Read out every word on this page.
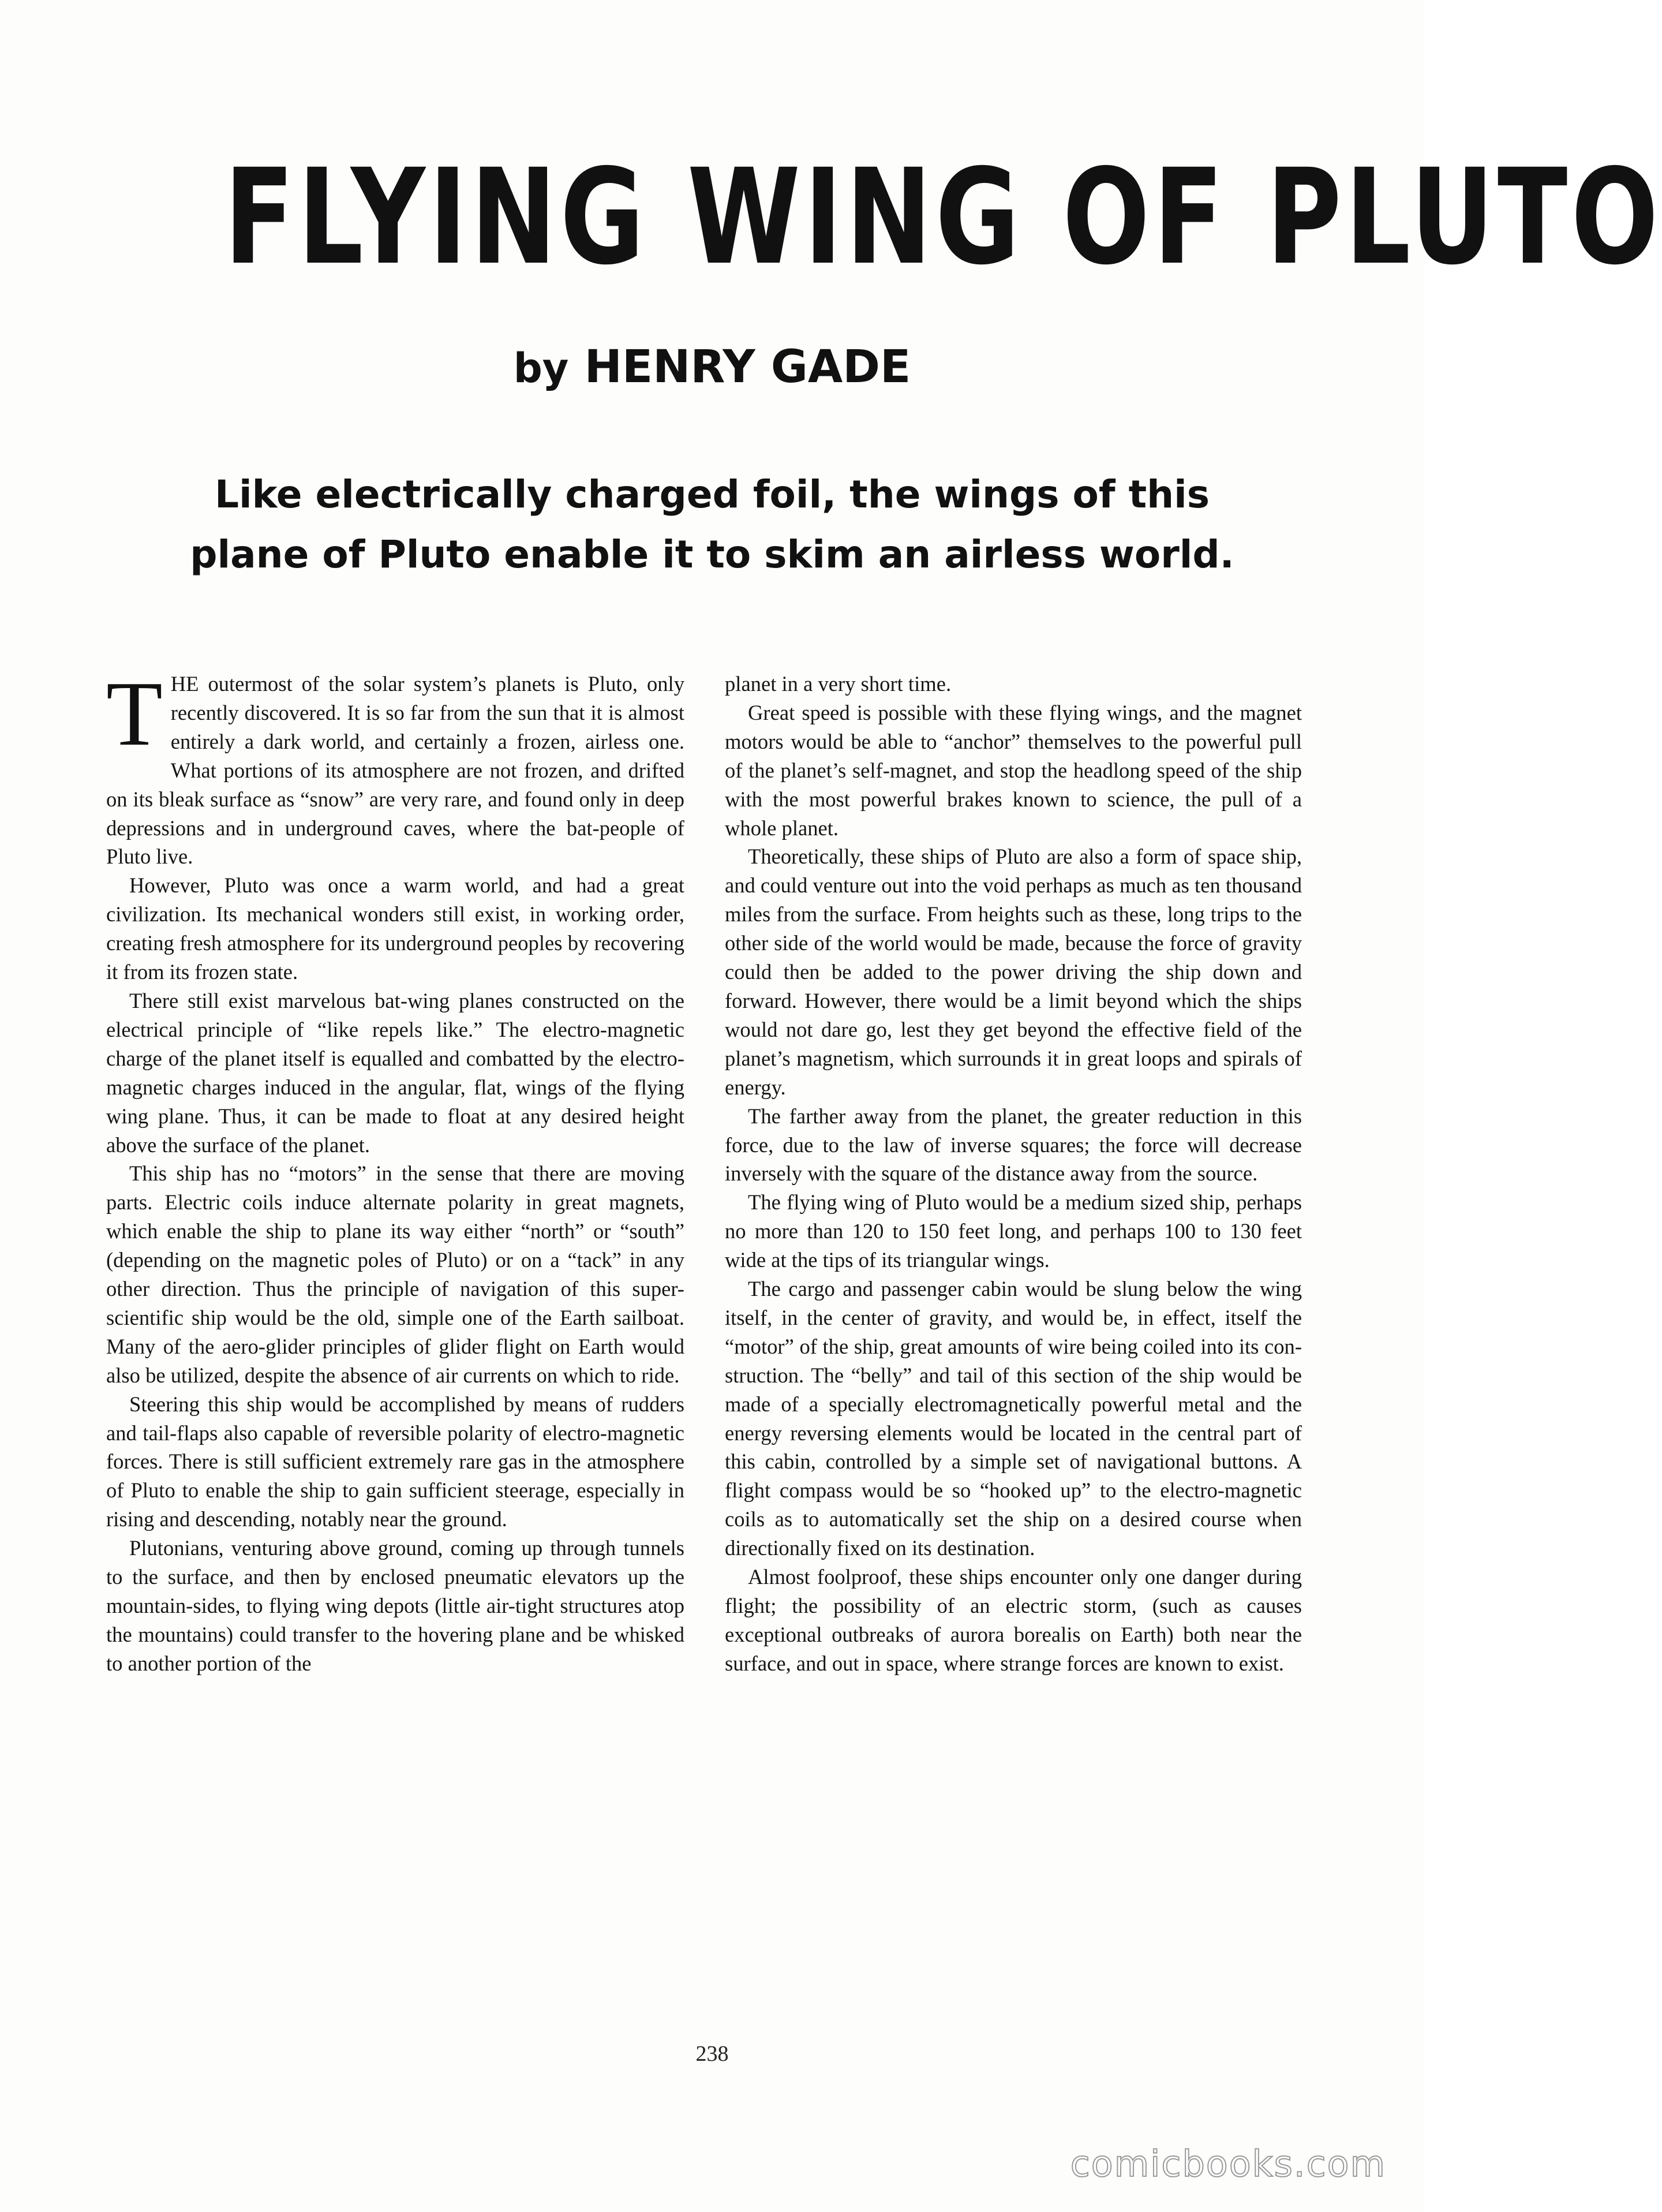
FLYING WING OF PLUTO
by HENRY GADE
Like electrically charged foil, the wings of this
plane of Pluto enable it to skim an airless world.
T HE outermost of the solar system’s planets is Pluto, only recently discovered. It is so far from the sun that it is almost entirely a dark world, and certainly a frozen, airless one. What portions of its atmosphere are not frozen, and drifted on its bleak surface as “snow” are very rare, and found only in deep depressions and in underground caves, where the bat-people of Pluto live.

However, Pluto was once a warm world, and had a great civilization. Its mechanical wonders still exist, in working order, creating fresh atmosphere for its underground peoples by recovering it from its frozen state.

There still exist marvelous bat-wing planes constructed on the electrical principle of “like repels like.” The electro-magnetic charge of the planet itself is equalled and combatted by the electromagnetic charges induced in the angular, flat, wings of the flying wing plane. Thus, it can be made to float at any desired height above the surface of the planet.

This ship has no “motors” in the sense that there are moving parts. Electric coils induce alternate polarity in great magnets, which enable the ship to plane its way either “north” or “south” (depending on the magnetic poles of Pluto) or on a “tack” in any other direction. Thus the principle of navigation of this super-scientific ship would be the old, simple one of the Earth sailboat. Many of the aero-glider principles of glider flight on Earth would also be utilized, despite the absence of air currents on which to ride.

Steering this ship would be accomplished by means of rudders and tail-flaps also capable of reversible polarity of electro-magnetic forces. There is still sufficient extremely rare gas in the atmosphere of Pluto to enable the ship to gain sufficient steerage, especially in rising and descending, notably near the ground.

Plutonians, venturing above ground, coming up through tunnels to the surface, and then by enclosed pneumatic elevators up the mountain-sides, to flying wing depots (little air-tight structures atop the mountains) could transfer to the hovering plane and be whisked to another portion of the

planet in a very short time.

Great speed is possible with these flying wings, and the magnet motors would be able to “anchor” themselves to the powerful pull of the planet’s self-magnet, and stop the headlong speed of the ship with the most powerful brakes known to science, the pull of a whole planet.

Theoretically, these ships of Pluto are also a form of space ship, and could venture out into the void perhaps as much as ten thousand miles from the surface. From heights such as these, long trips to the other side of the world would be made, because the force of gravity could then be added to the power driving the ship down and forward. However, there would be a limit beyond which the ships would not dare go, lest they get beyond the effective field of the planet’s magnetism, which surrounds it in great loops and spirals of energy.

The farther away from the planet, the greater reduction in this force, due to the law of inverse squares; the force will decrease inversely with the square of the distance away from the source.

The flying wing of Pluto would be a medium sized ship, perhaps no more than 120 to 150 feet long, and perhaps 100 to 130 feet wide at the tips of its triangular wings.

The cargo and passenger cabin would be slung below the wing itself, in the center of gravity, and would be, in effect, itself the “motor” of the ship, great amounts of wire being coiled into its construction. The “belly” and tail of this section of the ship would be made of a specially electromagnetically powerful metal and the energy reversing elements would be located in the central part of this cabin, controlled by a simple set of navigational buttons. A flight compass would be so “hooked up” to the electro-magnetic coils as to automatically set the ship on a desired course when directionally fixed on its destination.

Almost foolproof, these ships encounter only one danger during flight; the possibility of an electric storm, (such as causes exceptional outbreaks of aurora borealis on Earth) both near the surface, and out in space, where strange forces are known to exist.

238
comicbooks.com
